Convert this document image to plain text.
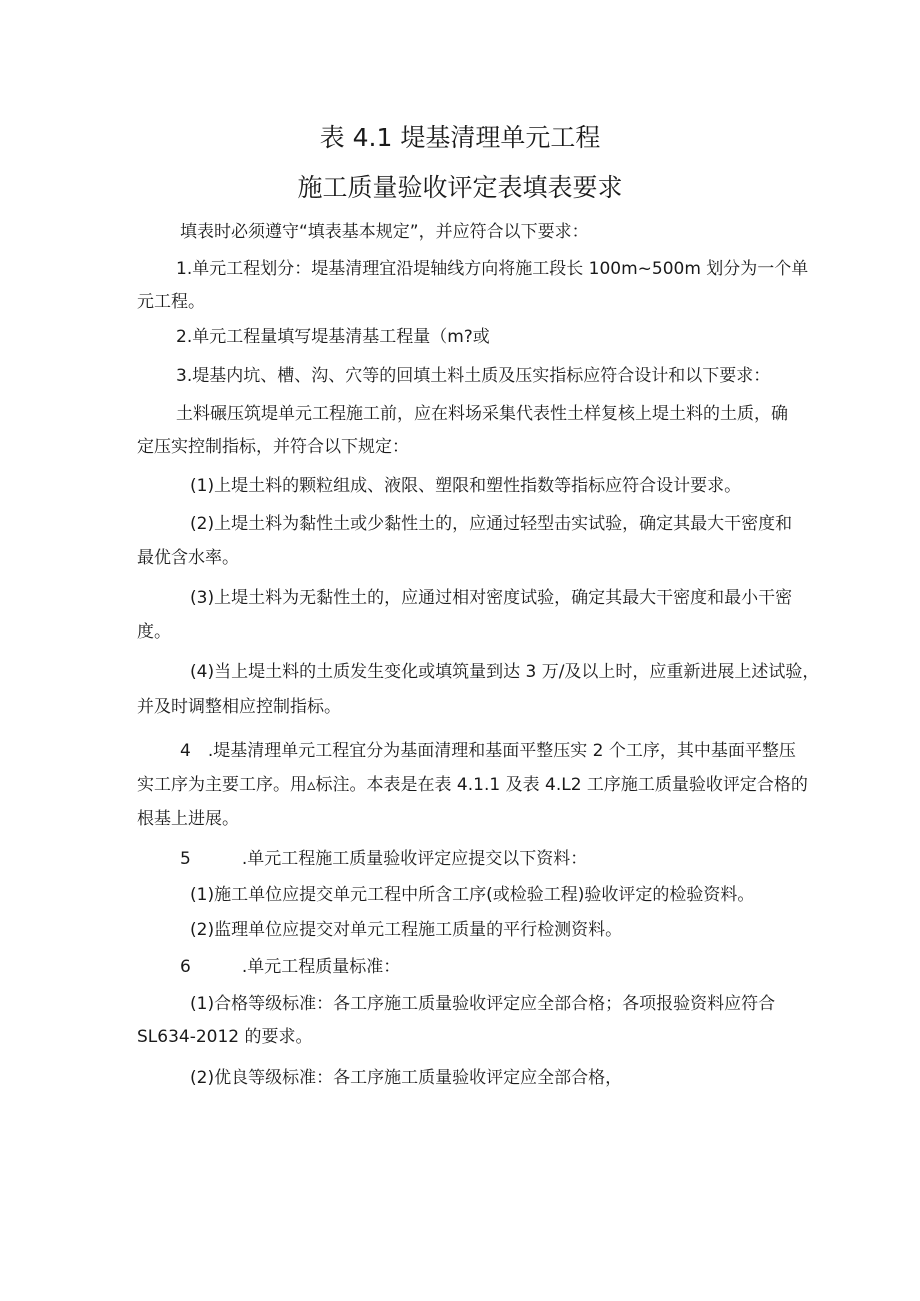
表 4.1 堤基清理单元工程
施工质量验收评定表填表要求
填表时必须遵守“填表基本规定”，并应符合以下要求：
1.单元工程划分：堤基清理宜沿堤轴线方向将施工段长 100m~500m 划分为一个单
元工程。
2.单元工程量填写堤基清基工程量（m?或
3.堤基内坑、槽、沟、穴等的回填土料土质及压实指标应符合设计和以下要求：
土料碾压筑堤单元工程施工前，应在料场采集代表性土样复核上堤土料的土质，确
定压实控制指标，并符合以下规定：
(1)上堤土料的颗粒组成、液限、塑限和塑性指数等指标应符合设计要求。
(2)上堤土料为黏性土或少黏性土的，应通过轻型击实试验，确定其最大干密度和
最优含水率。
(3)上堤土料为无黏性土的，应通过相对密度试验，确定其最大干密度和最小干密
度。
(4)当上堤土料的土质发生变化或填筑量到达 3 万/及以上时，应重新进展上述试验，
并及时调整相应控制指标。
4　.堤基清理单元工程宜分为基面清理和基面平整压实 2 个工序，其中基面平整压
实工序为主要工序。用▵标注。本表是在表 4.1.1 及表 4.L2 工序施工质量验收评定合格的
根基上进展。
5　　　.单元工程施工质量验收评定应提交以下资料：
(1)施工单位应提交单元工程中所含工序(或检验工程)验收评定的检验资料。
(2)监理单位应提交对单元工程施工质量的平行检测资料。
6　　　.单元工程质量标准：
(1)合格等级标准：各工序施工质量验收评定应全部合格；各项报验资料应符合
SL634-2012 的要求。
(2)优良等级标准：各工序施工质量验收评定应全部合格，
